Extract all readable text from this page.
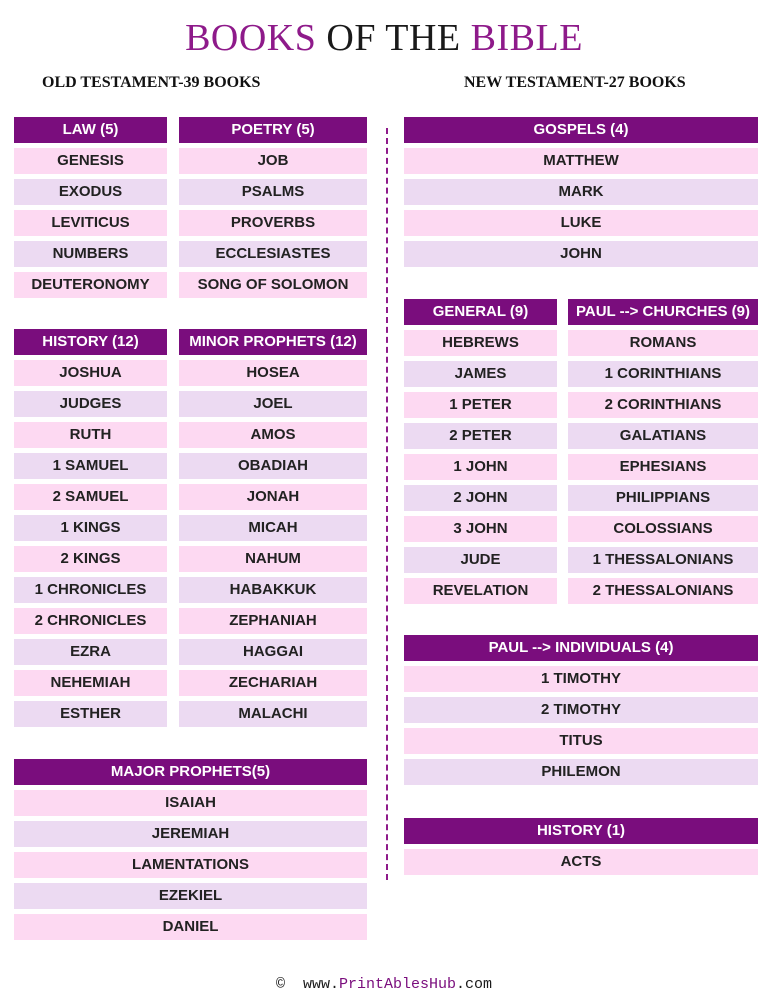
BOOKS OF THE BIBLE
OLD TESTAMENT-39 BOOKS	NEW TESTAMENT-27 BOOKS
LAW (5)
GENESIS
EXODUS
LEVITICUS
NUMBERS
DEUTERONOMY
POETRY (5)
JOB
PSALMS
PROVERBS
ECCLESIASTES
SONG OF SOLOMON
HISTORY (12)
JOSHUA
JUDGES
RUTH
1 SAMUEL
2 SAMUEL
1 KINGS
2 KINGS
1 CHRONICLES
2 CHRONICLES
EZRA
NEHEMIAH
ESTHER
MINOR PROPHETS (12)
HOSEA
JOEL
AMOS
OBADIAH
JONAH
MICAH
NAHUM
HABAKKUK
ZEPHANIAH
HAGGAI
ZECHARIAH
MALACHI
MAJOR PROPHETS(5)
ISAIAH
JEREMIAH
LAMENTATIONS
EZEKIEL
DANIEL
GOSPELS (4)
MATTHEW
MARK
LUKE
JOHN
GENERAL (9)
HEBREWS
JAMES
1 PETER
2 PETER
1 JOHN
2 JOHN
3 JOHN
JUDE
REVELATION
PAUL --> CHURCHES (9)
ROMANS
1 CORINTHIANS
2 CORINTHIANS
GALATIANS
EPHESIANS
PHILIPPIANS
COLOSSIANS
1 THESSALONIANS
2 THESSALONIANS
PAUL --> INDIVIDUALS (4)
1 TIMOTHY
2 TIMOTHY
TITUS
PHILEMON
HISTORY (1)
ACTS
© www.PrintAblesHub.com
